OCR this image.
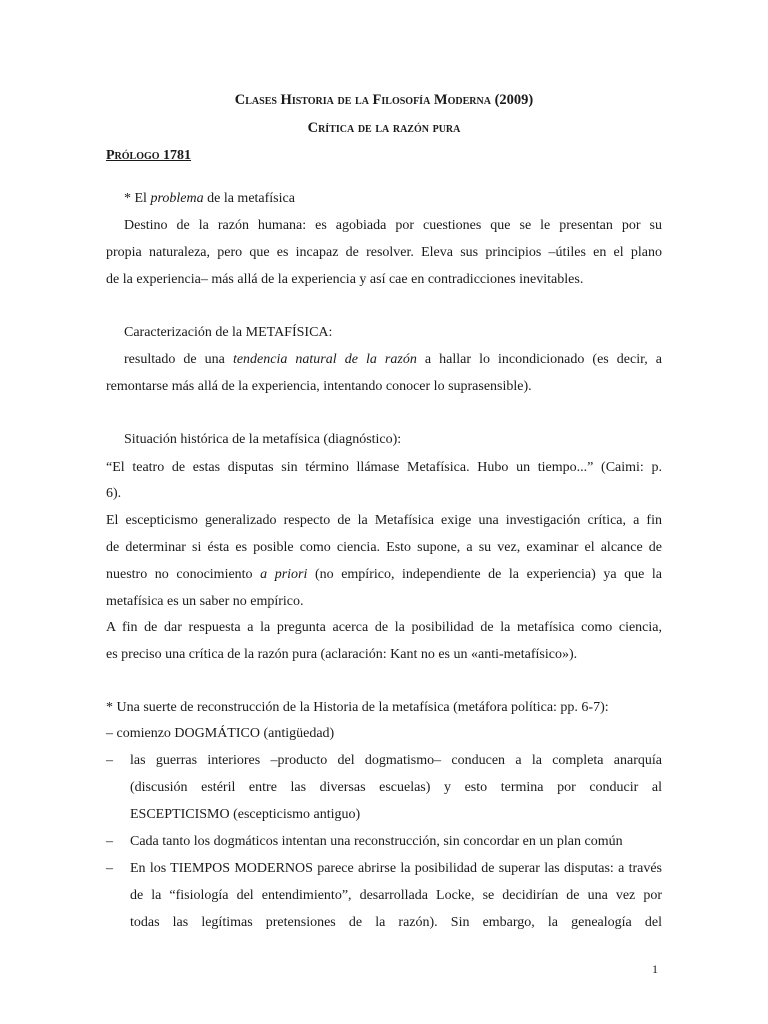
Clases Historia de la Filosofía Moderna (2009)
Crítica de la razón pura
Prólogo 1781
* El problema de la metafísica
Destino de la razón humana: es agobiada por cuestiones que se le presentan por su
propia naturaleza, pero que es incapaz de resolver. Eleva sus principios –útiles en el plano
de la experiencia– más allá de la experiencia y así cae en contradicciones inevitables.
Caracterización de la METAFÍSICA:
resultado de una tendencia natural de la razón a hallar lo incondicionado (es decir, a
remontarse más allá de la experiencia, intentando conocer lo suprasensible).
Situación histórica de la metafísica (diagnóstico):
“El teatro de estas disputas sin término llámase Metafísica. Hubo un tiempo...” (Caimi: p.
6).
El escepticismo generalizado respecto de la Metafísica exige una investigación crítica, a fin
de determinar si ésta es posible como ciencia. Esto supone, a su vez, examinar el alcance de
nuestro no conocimiento a priori (no empírico, independiente de la experiencia) ya que la
metafísica es un saber no empírico.
A fin de dar respuesta a la pregunta acerca de la posibilidad de la metafísica como ciencia,
es preciso una crítica de la razón pura (aclaración: Kant no es un «anti-metafísico»).
* Una suerte de reconstrucción de la Historia de la metafísica (metáfora política: pp. 6-7):
– comienzo DOGMÁTICO (antigüedad)
– las guerras interiores –producto del dogmatismo– conducen a la completa anarquía
(discusión estéril entre las diversas escuelas) y esto termina por conducir al
ESCEPTICISMO (escepticismo antiguo)
– Cada tanto los dogmáticos intentan una reconstrucción, sin concordar en un plan común
– En los TIEMPOS MODERNOS parece abrirse la posibilidad de superar las disputas: a través
de la “fisiología del entendimiento”, desarrollada Locke, se decidirían de una vez por
todas las legítimas pretensiones de la razón). Sin embargo, la genealogía del
1
